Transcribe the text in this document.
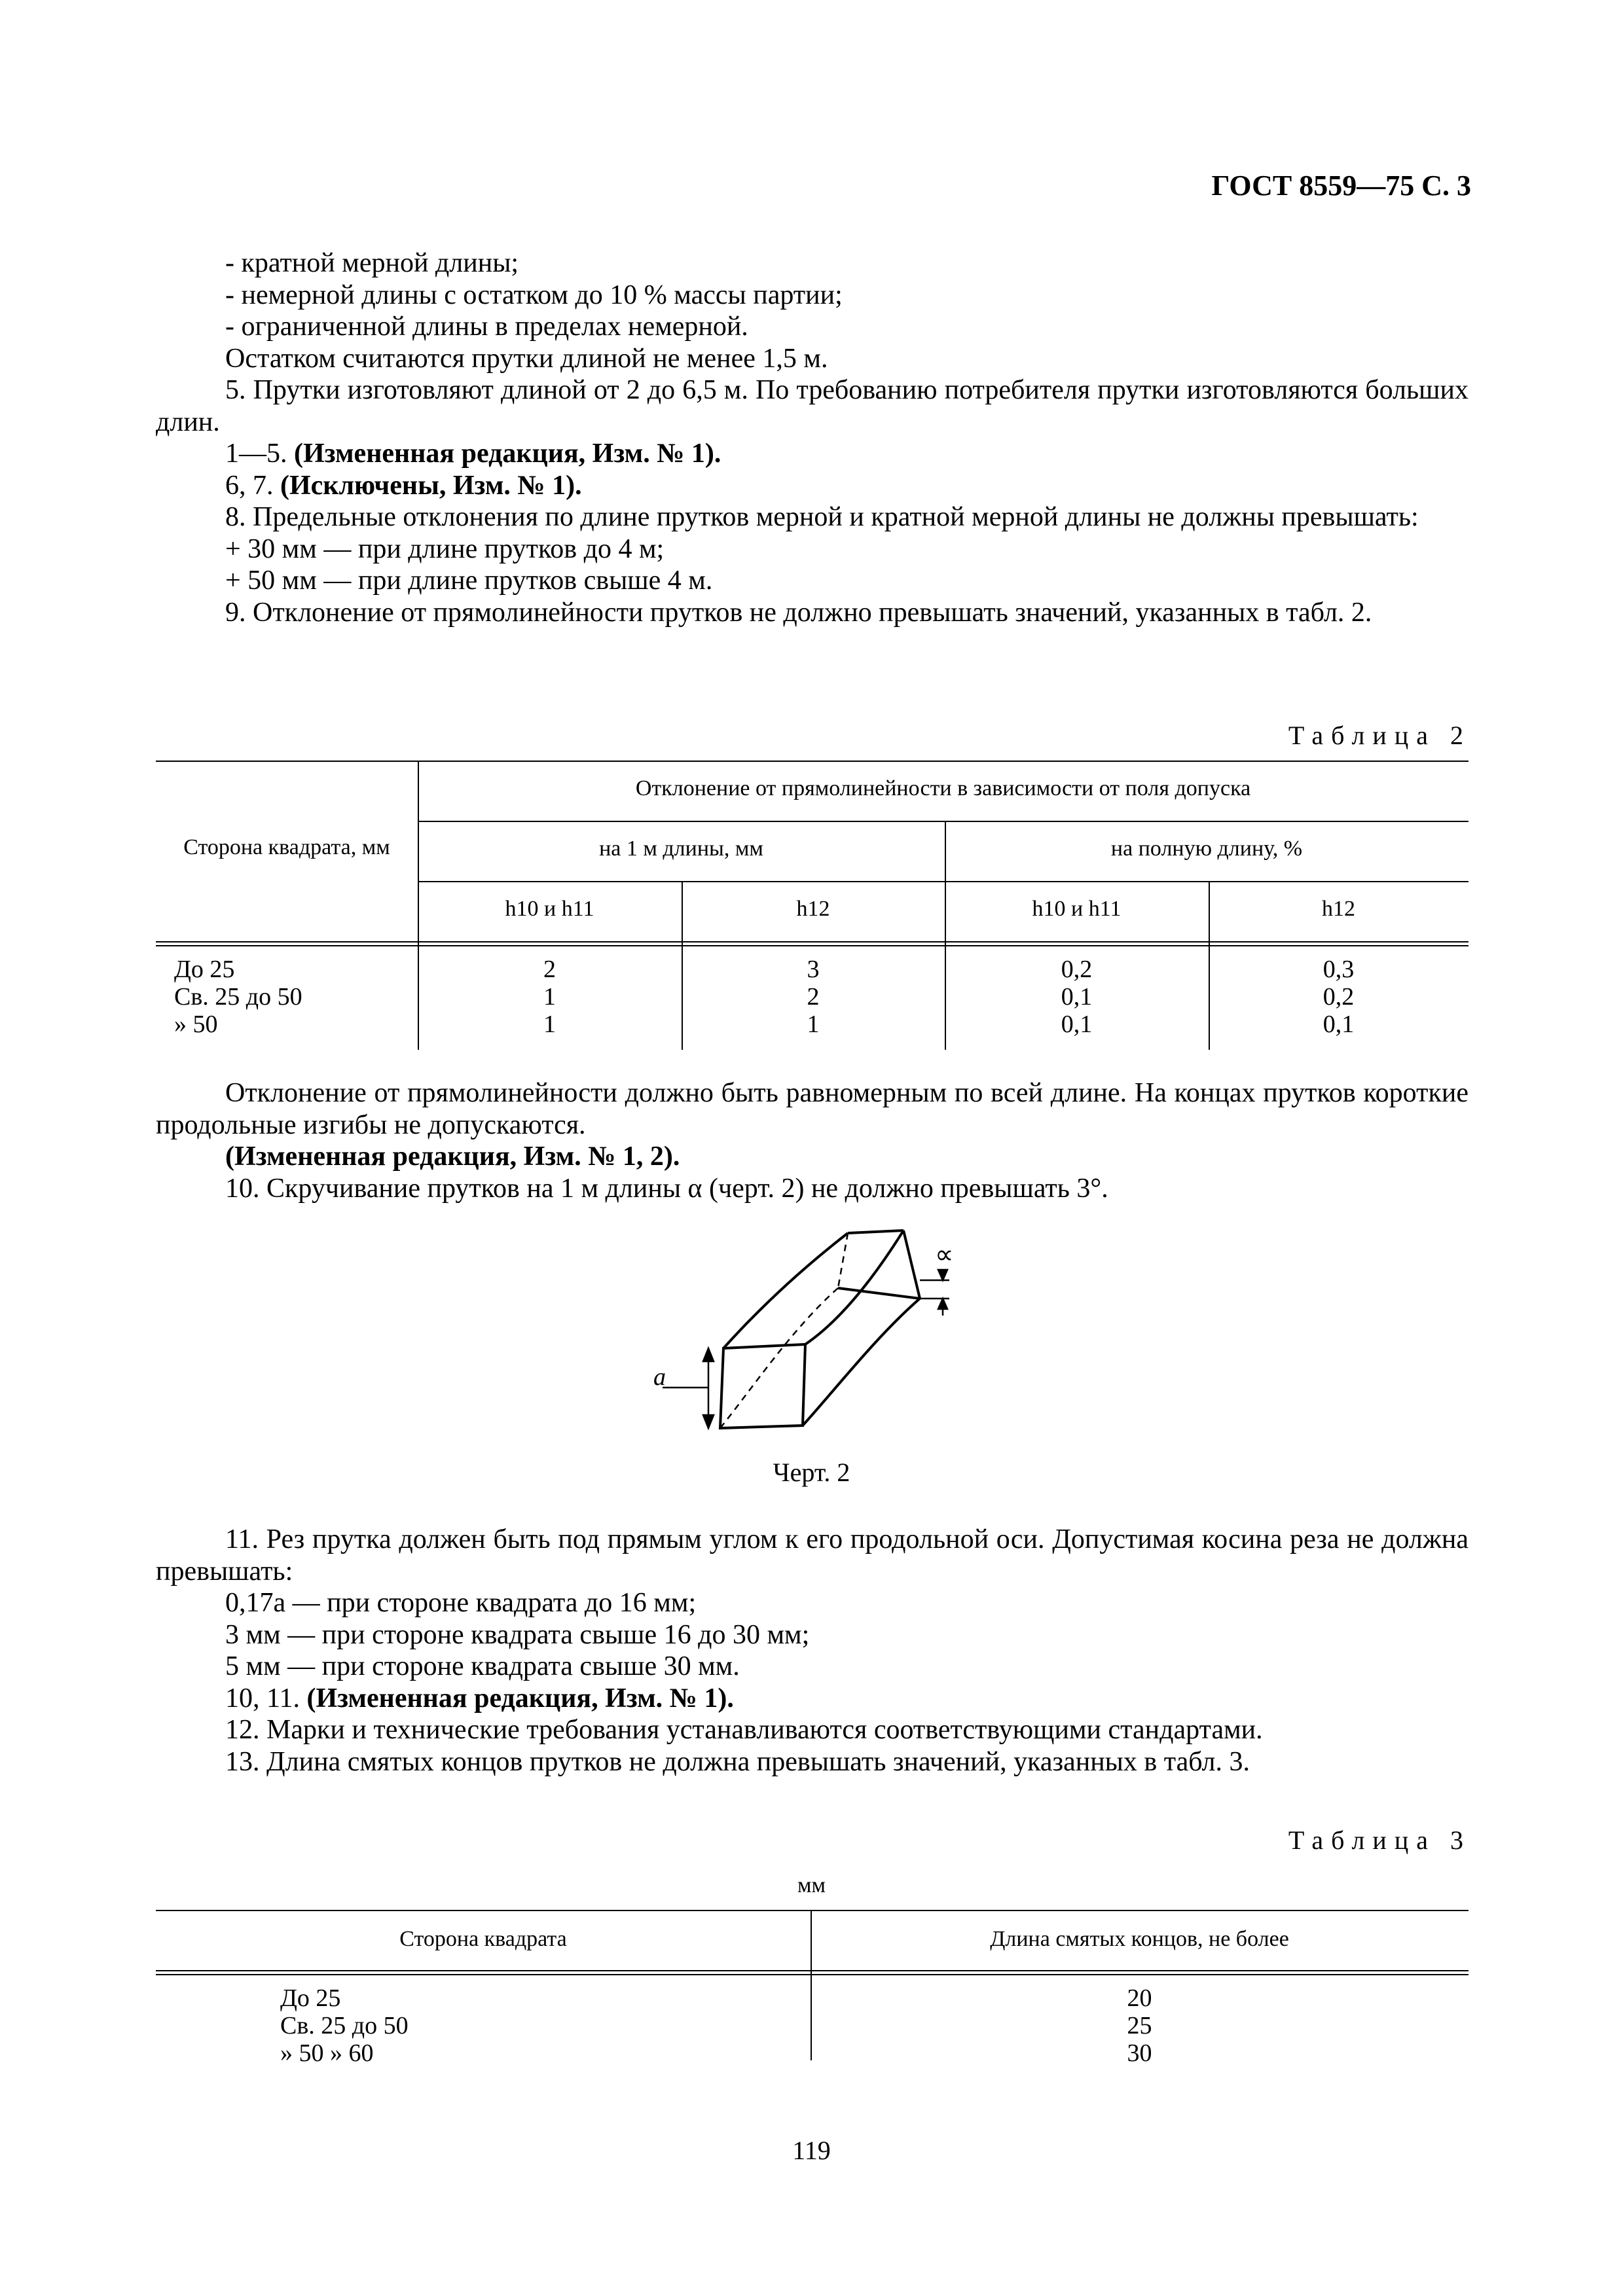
ГОСТ 8559—75 С. 3

- кратной мерной длины;

- немерной длины с остатком до 10 % массы партии;

- ограниченной длины в пределах немерной.

Остатком считаются прутки длиной не менее 1,5 м.

5. Прутки изготовляют длиной от 2 до 6,5 м. По требованию потребителя прутки изготовляются больших длин.

1—5. (Измененная редакция, Изм. № 1).

6, 7. (Исключены, Изм. № 1).

8. Предельные отклонения по длине прутков мерной и кратной мерной длины не должны превышать:

+ 30 мм — при длине прутков до 4 м;

+ 50 мм — при длине прутков свыше 4 м.

9. Отклонение от прямолинейности прутков не должно превышать значений, указанных в табл. 2.

Таблица 2
Сторона квадрата, мм
Отклонение от прямолинейности в зависимости от поля допуска
на 1 м длины, мм	на полную длину, %
h10 и h11	h12	h10 и h11	h12
До 25	2	3	0,2	0,3
Св. 25 до 50	1	2	0,1	0,2
» 50	1	1	0,1	0,1

Отклонение от прямолинейности должно быть равномерным по всей длине. На концах прутков короткие продольные изгибы не допускаются.

(Измененная редакция, Изм. № 1, 2).

10. Скручивание прутков на 1 м длины α (черт. 2) не должно превышать 3°.

a
∝
Черт. 2

11. Рез прутка должен быть под прямым углом к его продольной оси. Допустимая косина реза не должна превышать:

0,17а — при стороне квадрата до 16 мм;

3 мм — при стороне квадрата свыше 16 до 30 мм;

5 мм — при стороне квадрата свыше 30 мм.

10, 11. (Измененная редакция, Изм. № 1).

12. Марки и технические требования устанавливаются соответствующими стандартами.

13. Длина смятых концов прутков не должна превышать значений, указанных в табл. 3.

Таблица 3
мм
Сторона квадрата	Длина смятых концов, не более
До 25	20
Св. 25 до 50	25
» 50 » 60	30
119
